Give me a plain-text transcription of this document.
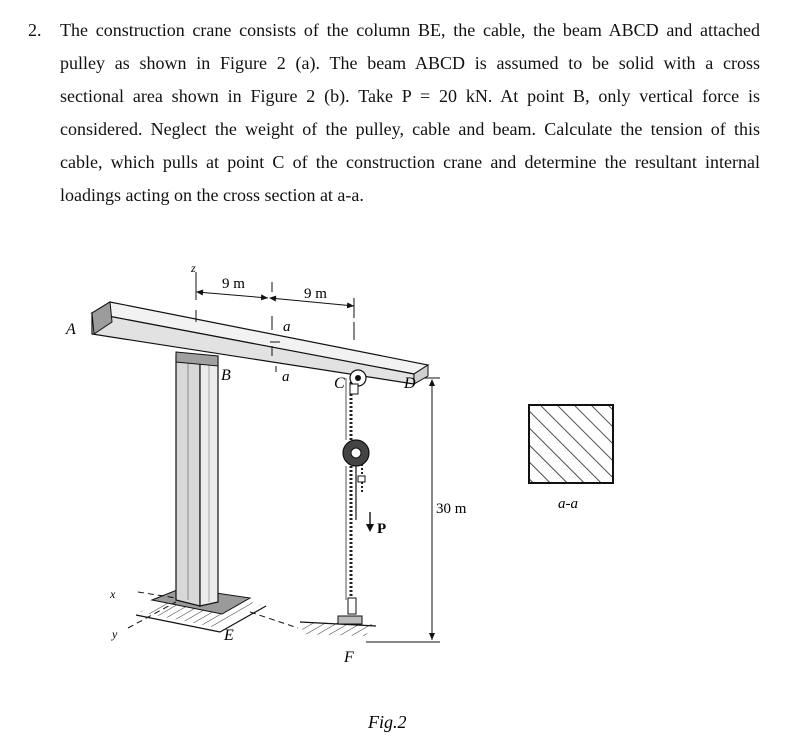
2. The construction crane consists of the column BE, the cable, the beam ABCD and attached
pulley as shown in Figure 2 (a). The beam ABCD is assumed to be solid with a cross
sectional area shown in Figure 2 (b). Take P = 20 kN. At point B, only vertical force is
considered. Neglect the weight of the pulley, cable and beam. Calculate the tension of this
cable, which pulls at point C of the construction crane and determine the resultant internal
loadings acting on the cross section at a-a.
a
a
9 m
9 m
z
P
30 m
x
y
A
B	C	D
E
F
a-a
Fig.2
